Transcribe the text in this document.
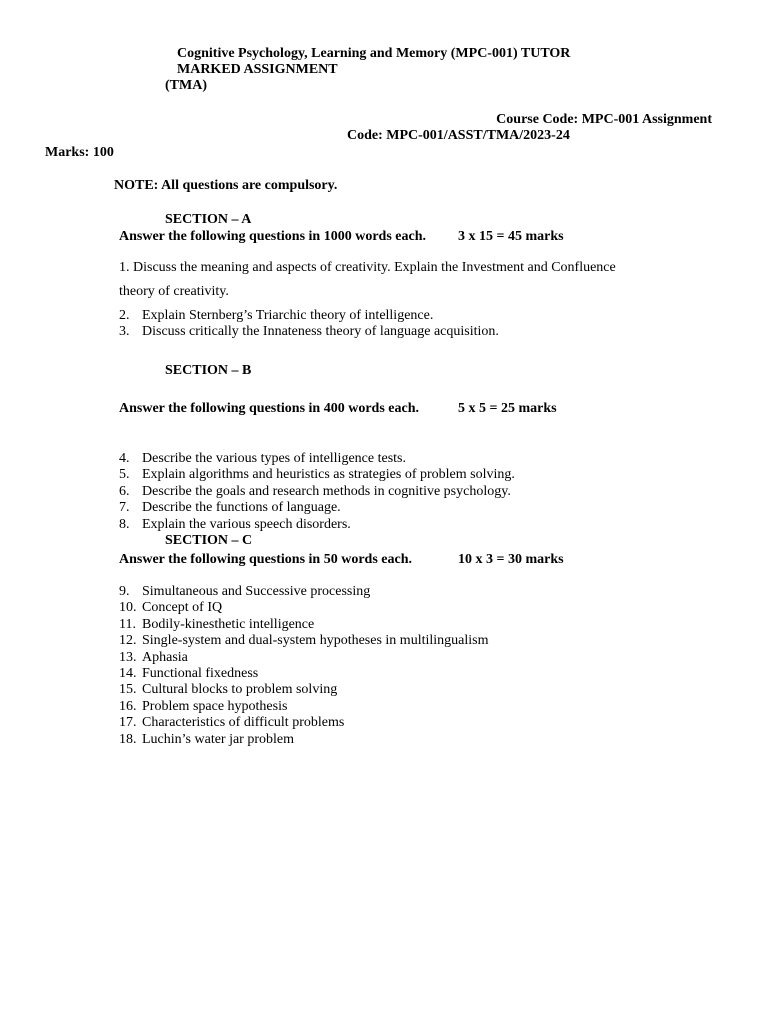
Cognitive Psychology, Learning and Memory (MPC-001) TUTOR
MARKED ASSIGNMENT
(TMA)
Course Code: MPC-001 Assignment
Code: MPC-001/ASST/TMA/2023-24
Marks: 100
NOTE: All questions are compulsory.
SECTION – A
Answer the following questions in 1000 words each. 3 x 15 = 45 marks
1. Discuss the meaning and aspects of creativity. Explain the Investment and Confluence theory of creativity.
2. Explain Sternberg’s Triarchic theory of intelligence.
3. Discuss critically the Innateness theory of language acquisition.
SECTION – B
Answer the following questions in 400 words each.	5 x 5 = 25 marks
4. Describe the various types of intelligence tests.
5. Explain algorithms and heuristics as strategies of problem solving.
6. Describe the goals and research methods in cognitive psychology.
7. Describe the functions of language.
8. Explain the various speech disorders.
SECTION – C
Answer the following questions in 50 words each.	10 x 3 = 30 marks
9. Simultaneous and Successive processing
10. Concept of IQ
11. Bodily-kinesthetic intelligence
12. Single-system and dual-system hypotheses in multilingualism
13. Aphasia
14. Functional fixedness
15. Cultural blocks to problem solving
16. Problem space hypothesis
17. Characteristics of difficult problems
18. Luchin’s water jar problem
